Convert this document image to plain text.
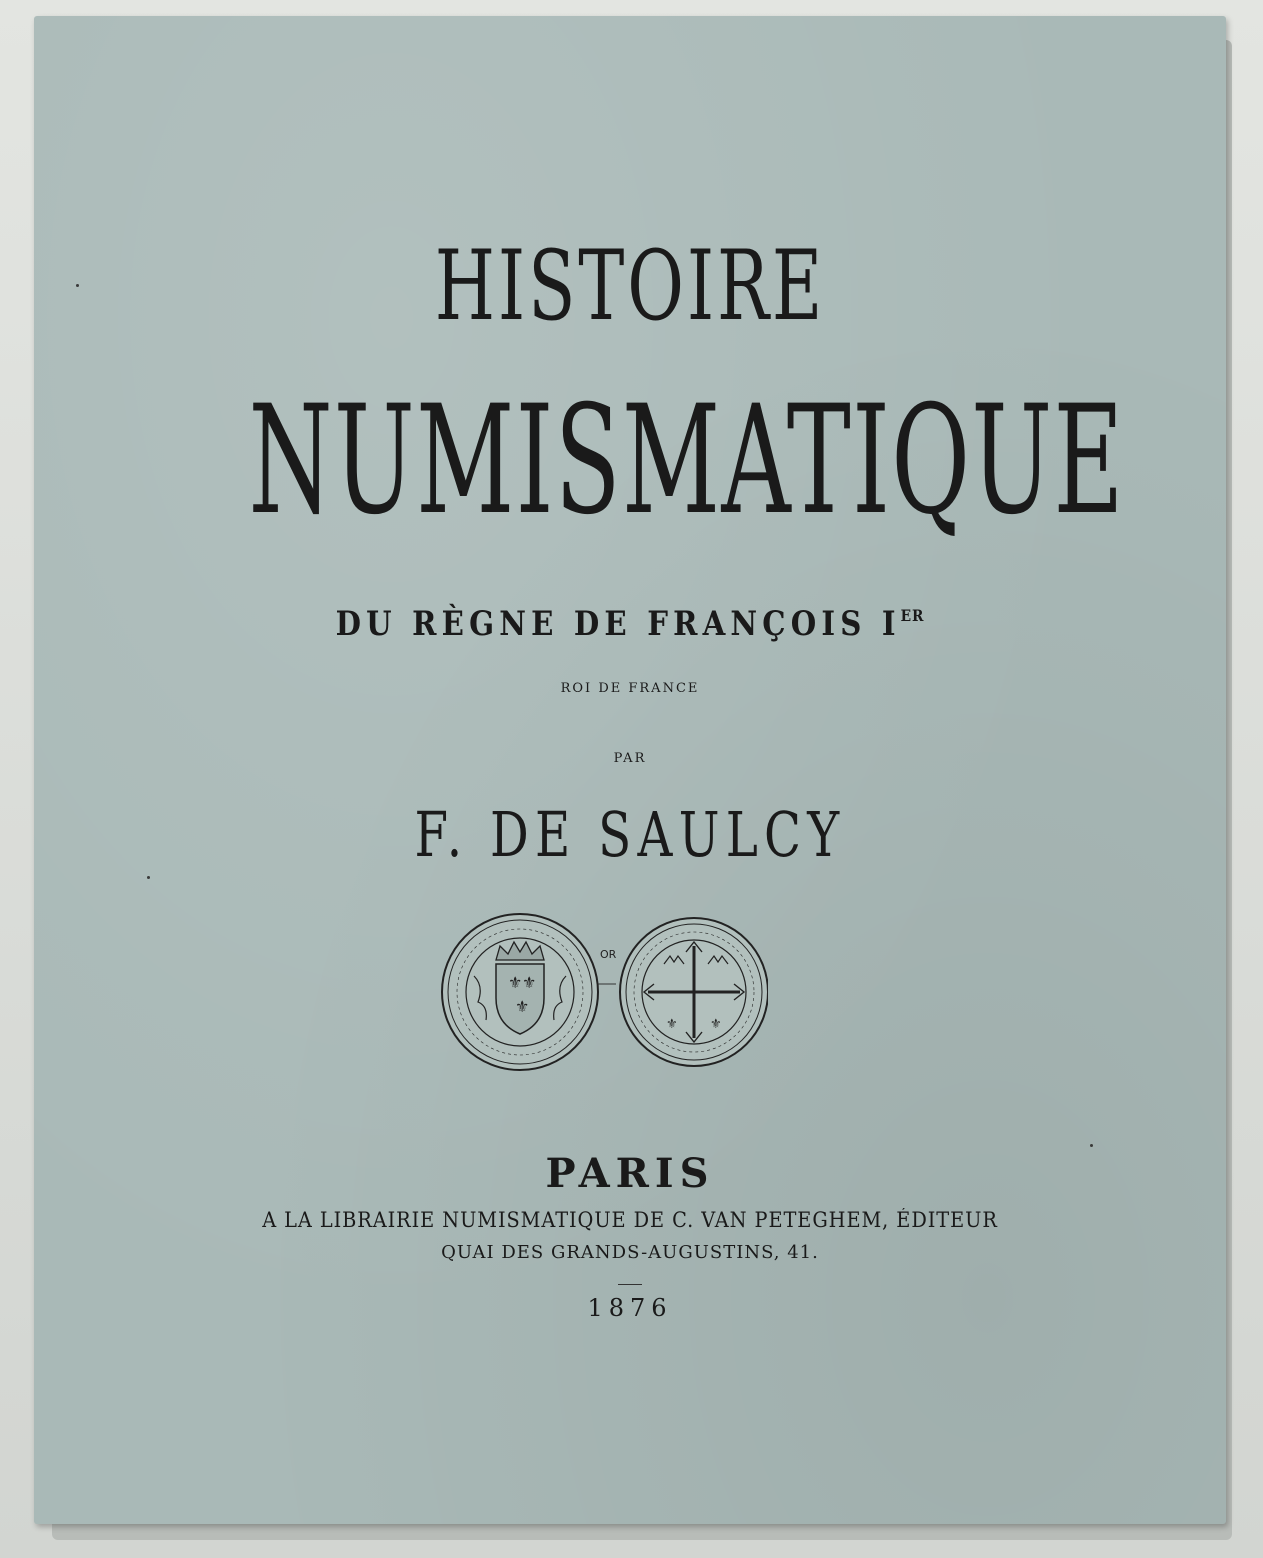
HISTOIRE
NUMISMATIQUE
DU RÈGNE DE FRANÇOIS IER
ROI DE FRANCE
PAR
F. DE SAULCY
⚜ ⚜
⚜
OR
⚜ ⚜
PARIS
A LA LIBRAIRIE NUMISMATIQUE DE C. VAN PETEGHEM, ÉDITEUR
QUAI DES GRANDS-AUGUSTINS, 41.
1876
